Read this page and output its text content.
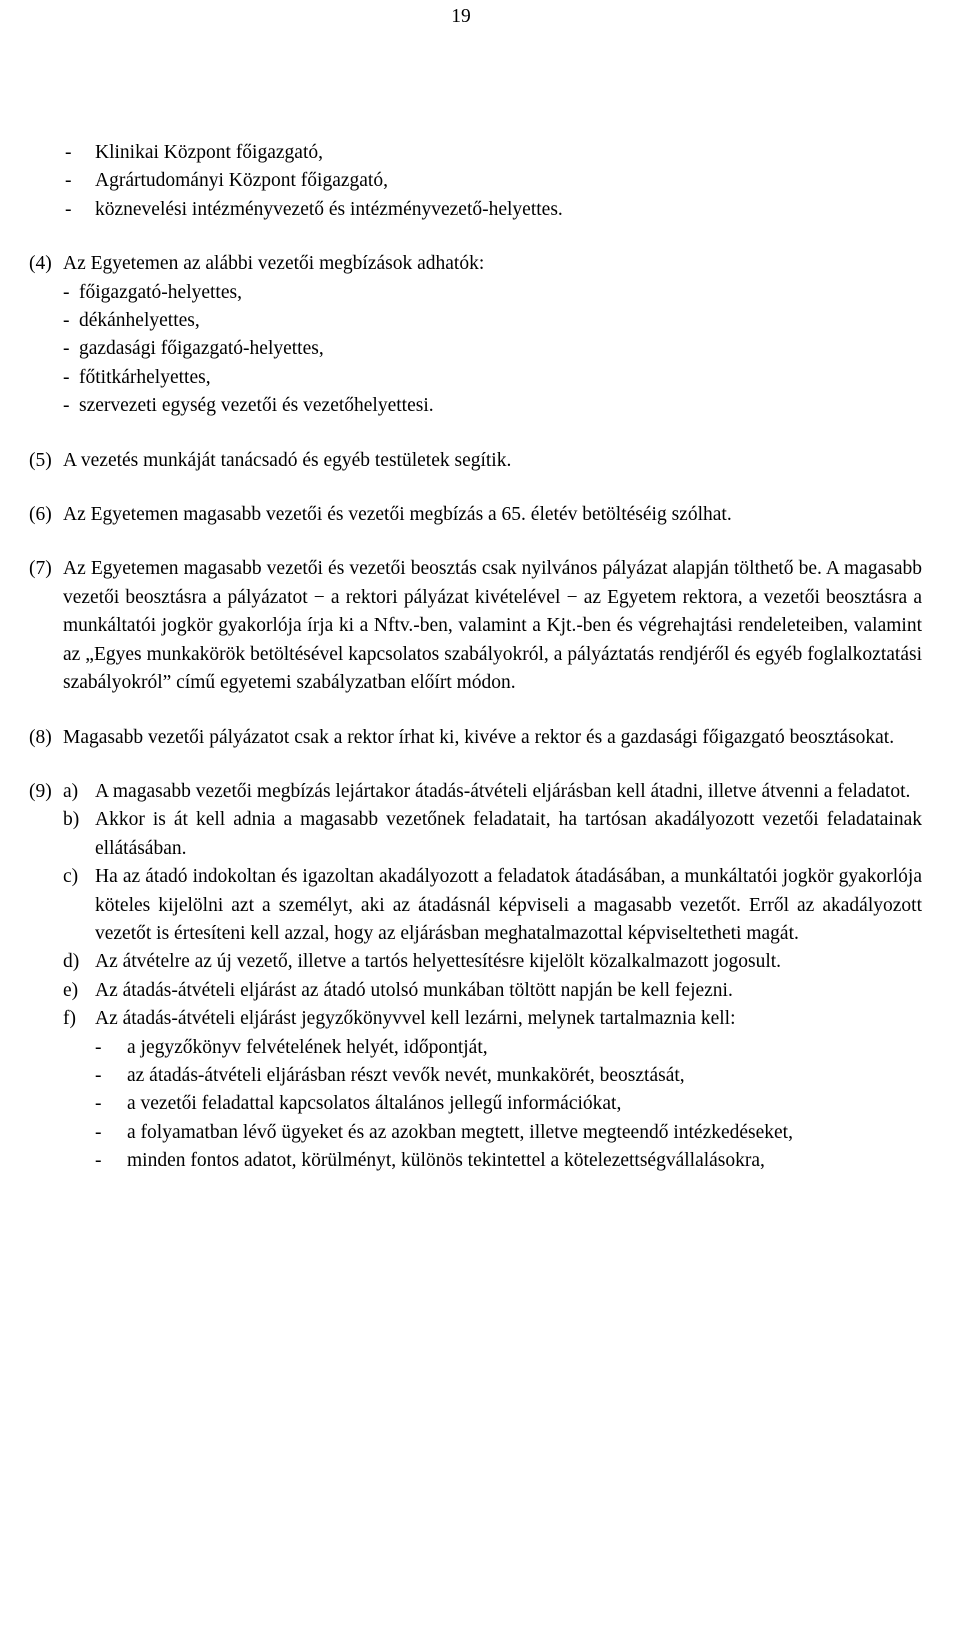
19
- Klinikai Központ főigazgató,
- Agrártudományi Központ főigazgató,
- köznevelési intézményvezető és intézményvezető-helyettes.
(4) Az Egyetemen az alábbi vezetői megbízások adhatók:
- főigazgató-helyettes,
- dékánhelyettes,
- gazdasági főigazgató-helyettes,
- főtitkárhelyettes,
- szervezeti egység vezetői és vezetőhelyettesi.
(5) A vezetés munkáját tanácsadó és egyéb testületek segítik.
(6) Az Egyetemen magasabb vezetői és vezetői megbízás a 65. életév betöltéséig szólhat.
(7) Az Egyetemen magasabb vezetői és vezetői beosztás csak nyilvános pályázat alapján tölthető be. A magasabb vezetői beosztásra a pályázatot − a rektori pályázat kivételével − az Egyetem rektora, a vezetői beosztásra a munkáltatói jogkör gyakorlója írja ki a Nftv.-ben, valamint a Kjt.-ben és végrehajtási rendeleteiben, valamint az „Egyes munkakörök betöltésével kapcsolatos szabályokról, a pályáztatás rendjéről és egyéb foglalkoztatási szabályokról” című egyetemi szabályzatban előírt módon.
(8) Magasabb vezetői pályázatot csak a rektor írhat ki, kivéve a rektor és a gazdasági főigazgató beosztásokat.
(9) a) A magasabb vezetői megbízás lejártakor átadás-átvételi eljárásban kell átadni, illetve átvenni a feladatot.
b) Akkor is át kell adnia a magasabb vezetőnek feladatait, ha tartósan akadályozott vezetői feladatainak ellátásában.
c) Ha az átadó indokoltan és igazoltan akadályozott a feladatok átadásában, a munkáltatói jogkör gyakorlója köteles kijelölni azt a személyt, aki az átadásnál képviseli a magasabb vezetőt. Erről az akadályozott vezetőt is értesíteni kell azzal, hogy az eljárásban meghatalmazottal képviseltetheti magát.
d) Az átvételre az új vezető, illetve a tartós helyettesítésre kijelölt közalkalmazott jogosult.
e) Az átadás-átvételi eljárást az átadó utolsó munkában töltött napján be kell fejezni.
f) Az átadás-átvételi eljárást jegyzőkönyvvel kell lezárni, melynek tartalmaznia kell:
- a jegyzőkönyv felvételének helyét, időpontját,
- az átadás-átvételi eljárásban részt vevők nevét, munkakörét, beosztását,
- a vezetői feladattal kapcsolatos általános jellegű információkat,
- a folyamatban lévő ügyeket és az azokban megtett, illetve megteendő intézkedéseket,
- minden fontos adatot, körülményt, különös tekintettel a kötelezettségvállalásokra,
